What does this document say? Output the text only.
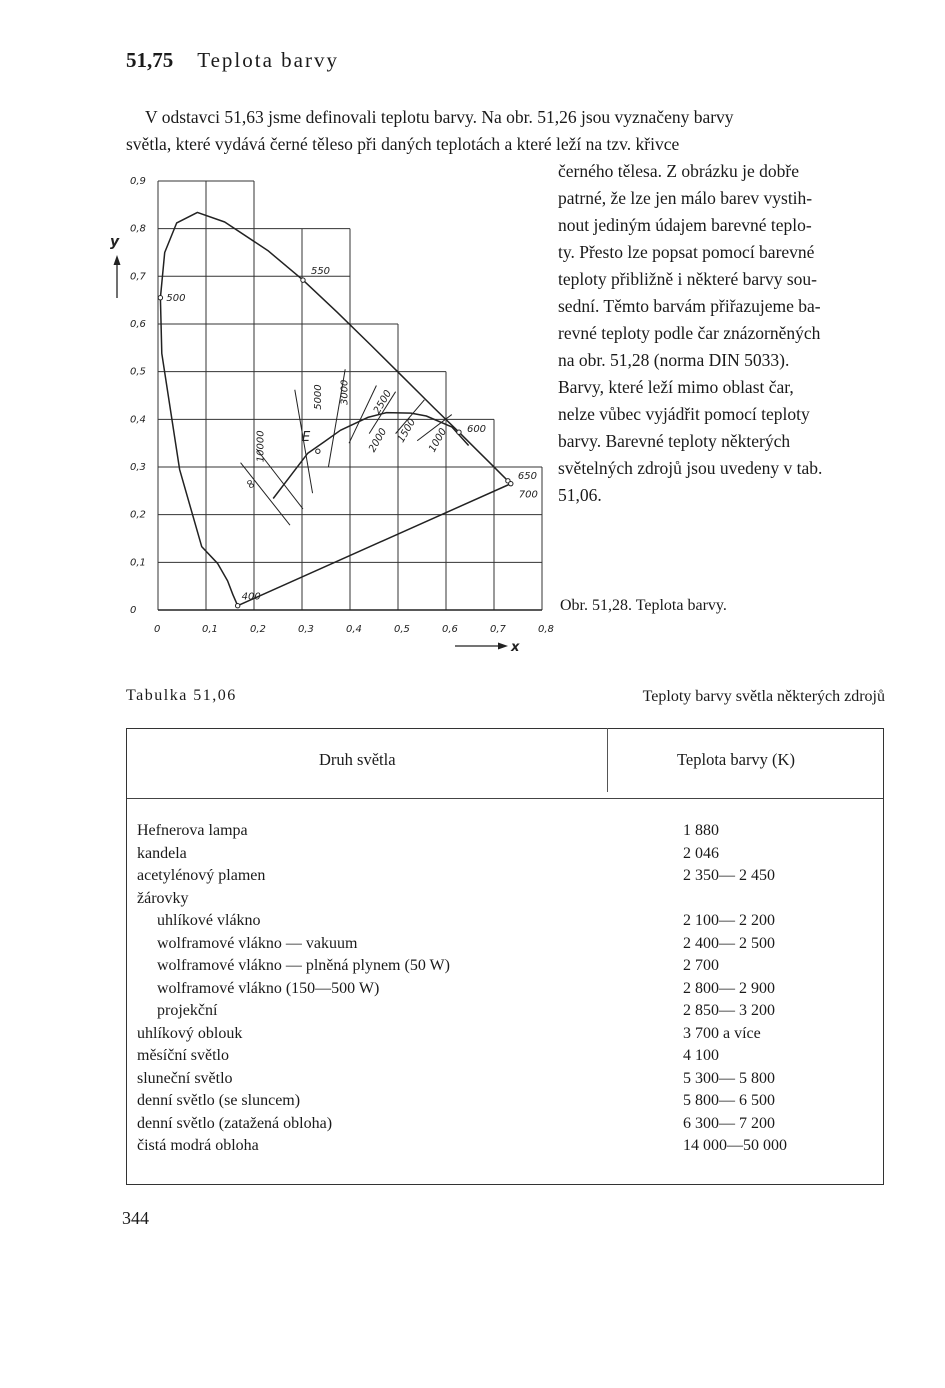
51,75 Teplota barvy
V odstavci 51,63 jsme definovali teplotu barvy. Na obr. 51,26 jsou vyznačeny barvy
světla, které vydává černé těleso při daných teplotách a které leží na tzv. křivce
černého tělesa. Z obrázku je dobře
patrné, že lze jen málo barev vystih-
nout jediným údajem barevné teplo-
ty. Přesto lze popsat pomocí barevné
teploty přibližně i některé barvy sou-
sední. Těmto barvám přiřazujeme ba-
revné teploty podle čar znázorněných
na obr. 51,28 (norma DIN 5033).
Barvy, které leží mimo oblast čar,
nelze vůbec vyjádřit pomocí teploty
barvy. Barevné teploty některých
světelných zdrojů jsou uvedeny v tab.
51,06.
0	0,1	0,2	0,3	0,4	0,5	0,6	0,7	0,8
0
0,1
0,2
0,3
0,4
0,5
0,6
0,7
0,8
0,9
400
500
550
600
650
700
∞
10000
5000 3000 2500
2000 1500 1000
E
y
x
Obr. 51,28. Teplota barvy.
Tabulka 51,06	Teploty barvy světla některých zdrojů
Druh světla	Teplota barvy (K)
Hefnerova lampa	1 880
kandela	2 046
acetylénový plamen	2 350— 2 450
žárovky
uhlíkové vlákno	2 100— 2 200
wolframové vlákno — vakuum	2 400— 2 500
wolframové vlákno — plněná plynem (50 W)	2 700
wolframové vlákno (150—500 W)	2 800— 2 900
projekční	2 850— 3 200
uhlíkový oblouk	3 700 a více
měsíční světlo	4 100
sluneční světlo	5 300— 5 800
denní světlo (se sluncem)	5 800— 6 500
denní světlo (zatažená obloha)	6 300— 7 200
čistá modrá obloha	14 000—50 000
344
